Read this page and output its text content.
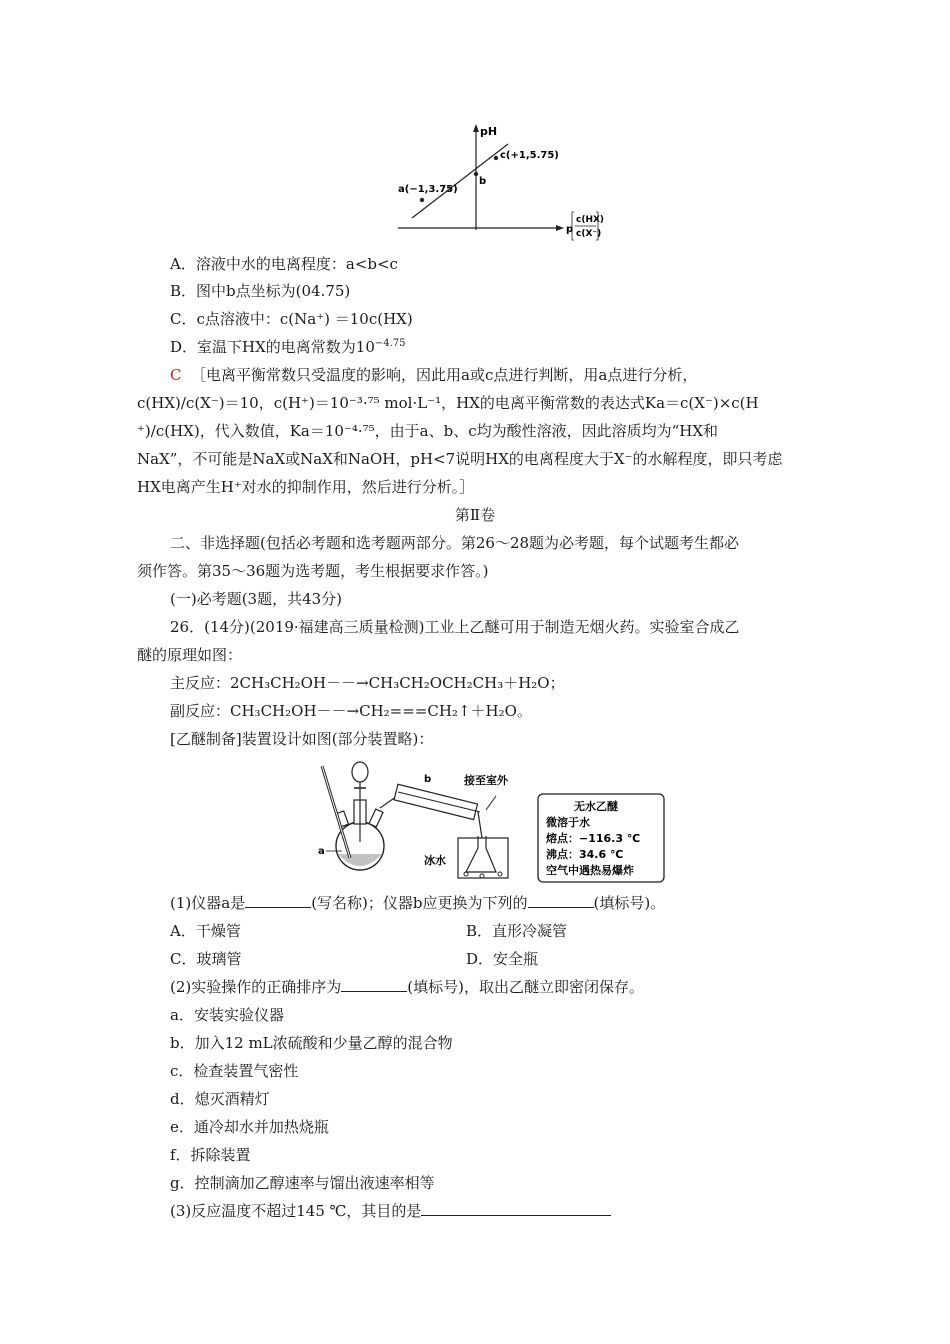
pH
a(−1,3.75)
b
c(+1,5.75)
p
c(HX)
c(X⁻)
A．溶液中水的电离程度：a<b<c
B．图中b点坐标为(04.75)
C．c点溶液中：c(Na⁺) ＝10c(HX)
D．室温下HX的电离常数为$10^{-4.75}$
C ［电离平衡常数只受温度的影响，因此用a或c点进行判断，用a点进行分析，
c(HX)/c(X⁻)＝10，c(H⁺)＝10⁻³·⁷⁵ mol·L⁻¹，HX的电离平衡常数的表达式Ka＝c(X⁻)×c(H
⁺)/c(HX)，代入数值，Ka＝10⁻⁴·⁷⁵，由于a、b、c均为酸性溶液，因此溶质均为“HX和
NaX”，不可能是NaX或NaX和NaOH，pH<7说明HX的电离程度大于X⁻的水解程度，即只考虑
HX电离产生H⁺对水的抑制作用，然后进行分析。］
第Ⅱ卷
二、非选择题(包括必考题和选考题两部分。第26～28题为必考题，每个试题考生都必
须作答。第35～36题为选考题，考生根据要求作答。)
(一)必考题(3题，共43分)
26．(14分)(2019·福建高三质量检测)工业上乙醚可用于制造无烟火药。实验室合成乙
醚的原理如图：
主反应：2CH₃CH₂OH－－→CH₃CH₂OCH₂CH₃＋H₂O；
副反应：CH₃CH₂OH－－→CH₂===CH₂↑＋H₂O。
[乙醚制备]装置设计如图(部分装置略)：
a
b	接至室外
冰水
无水乙醚
微溶于水
熔点：−116.3 ℃
沸点：34.6 ℃
空气中遇热易爆炸
(1)仪器a是	(写名称)；仪器b应更换为下列的	(填标号)。
A．干燥管	B．直形冷凝管
C．玻璃管	D．安全瓶
(2)实验操作的正确排序为	(填标号)，取出乙醚立即密闭保存。
a．安装实验仪器
b．加入12 mL浓硫酸和少量乙醇的混合物
c．检查装置气密性
d．熄灭酒精灯
e．通冷却水并加热烧瓶
f．拆除装置
g．控制滴加乙醇速率与馏出液速率相等
(3)反应温度不超过145 ℃，其目的是
